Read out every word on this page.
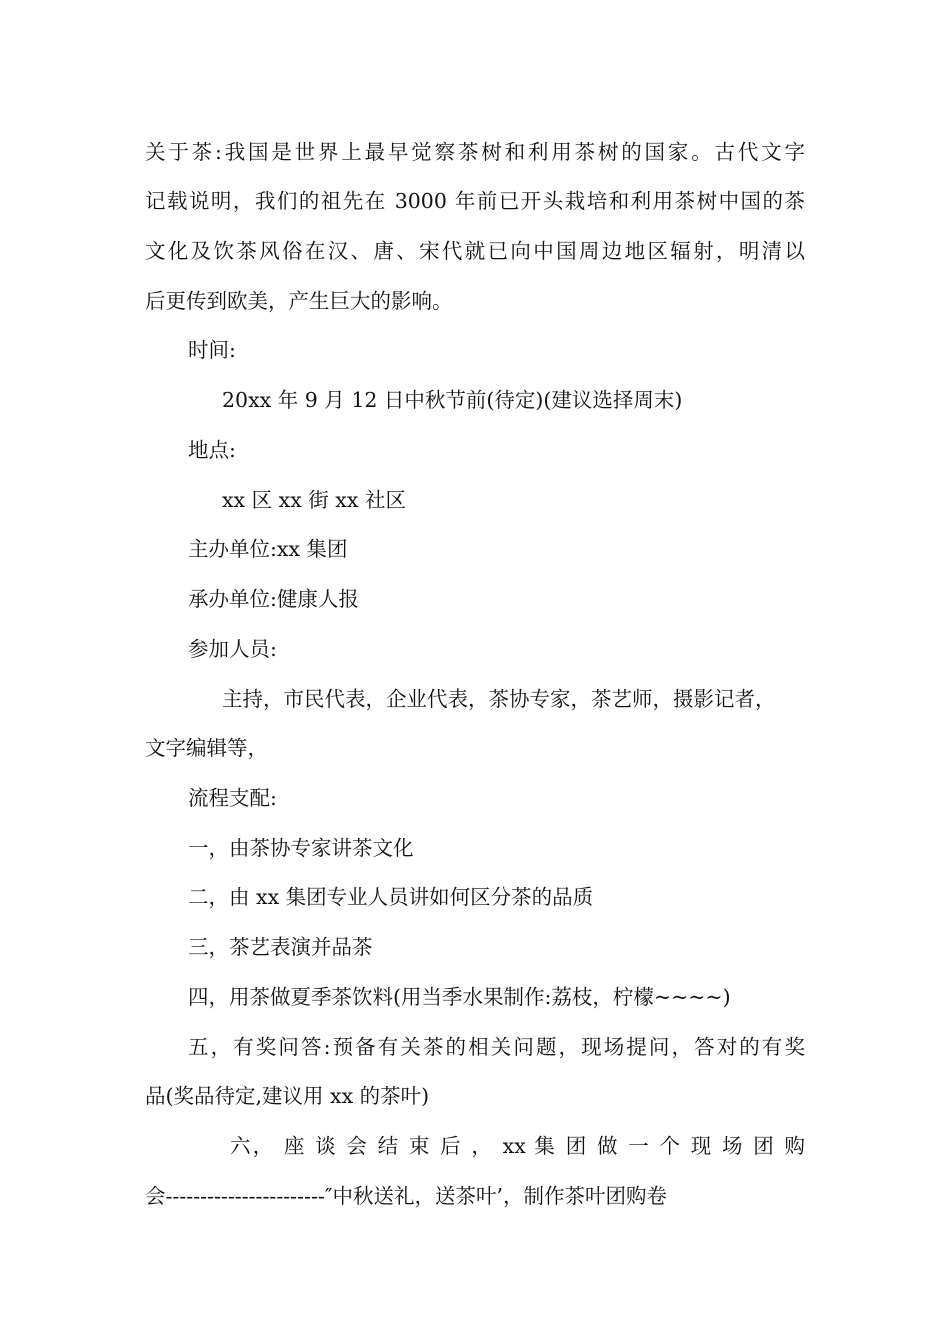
关于茶:我国是世界上最早觉察茶树和利用茶树的国家。古代文字
记载说明，我们的祖先在 3000 年前已开头栽培和利用茶树中国的茶
文化及饮茶风俗在汉、唐、宋代就已向中国周边地区辐射，明清以
后更传到欧美，产生巨大的影响。
时间:
20xx 年 9 月 12 日中秋节前(待定)(建议选择周末)
地点:
xx 区 xx 街 xx 社区
主办单位:xx 集团
承办单位:健康人报
参加人员:
主持，市民代表，企业代表，茶协专家，茶艺师，摄影记者，
文字编辑等，
流程支配:
一，由茶协专家讲茶文化
二，由 xx 集团专业人员讲如何区分茶的品质
三，茶艺表演并品茶
四，用茶做夏季茶饮料(用当季水果制作:荔枝，柠檬~~~~)
五，有奖问答:预备有关茶的相关问题，现场提问，答对的有奖
品(奖品待定,建议用 xx 的茶叶)
六， 座 谈 会 结 束 后 ， xx 集 团 做 一 个 现 场 团 购
会-----------------------″中秋送礼，送茶叶’，制作茶叶团购卷
